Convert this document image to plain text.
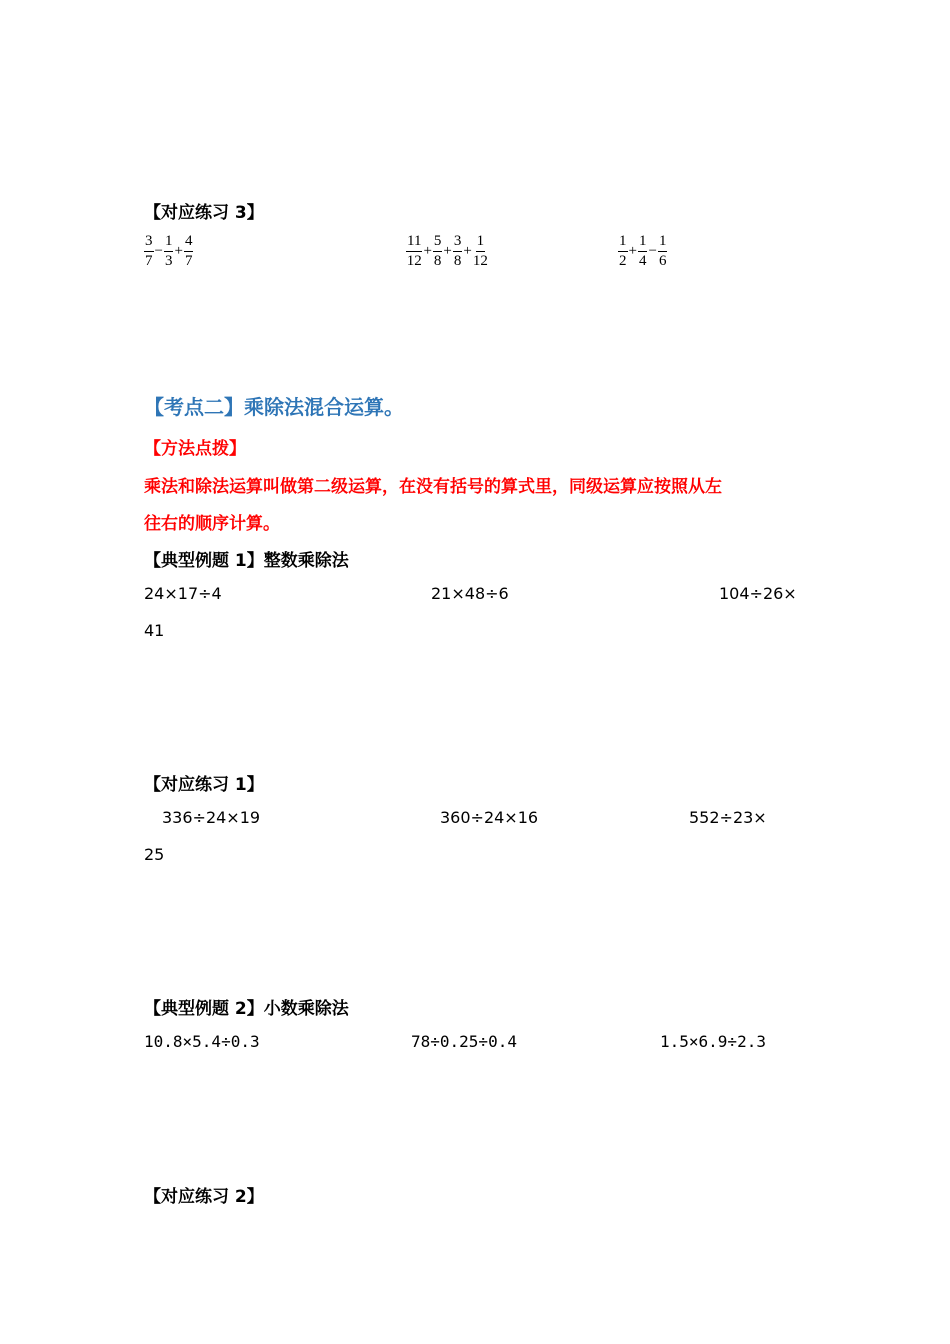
【对应练习 3】
$\frac{3}{7} - \frac{1}{3} + \frac{4}{7}$	$\frac{11}{12} + \frac{5}{8} + \frac{3}{8} + \frac{1}{12}$	$\frac{1}{2} + \frac{1}{4} - \frac{1}{6}$
【考点二】乘除法混合运算。
【方法点拨】
乘法和除法运算叫做第二级运算，在没有括号的算式里，同级运算应按照从左
往右的顺序计算。
【典型例题 1】整数乘除法
24×17÷4	21×48÷6	104÷26×
41
【对应练习 1】
336÷24×19	360÷24×16	552÷23×
25
【典型例题 2】小数乘除法
10.8×5.4÷0.3	78÷0.25÷0.4	1.5×6.9÷2.3
【对应练习 2】
